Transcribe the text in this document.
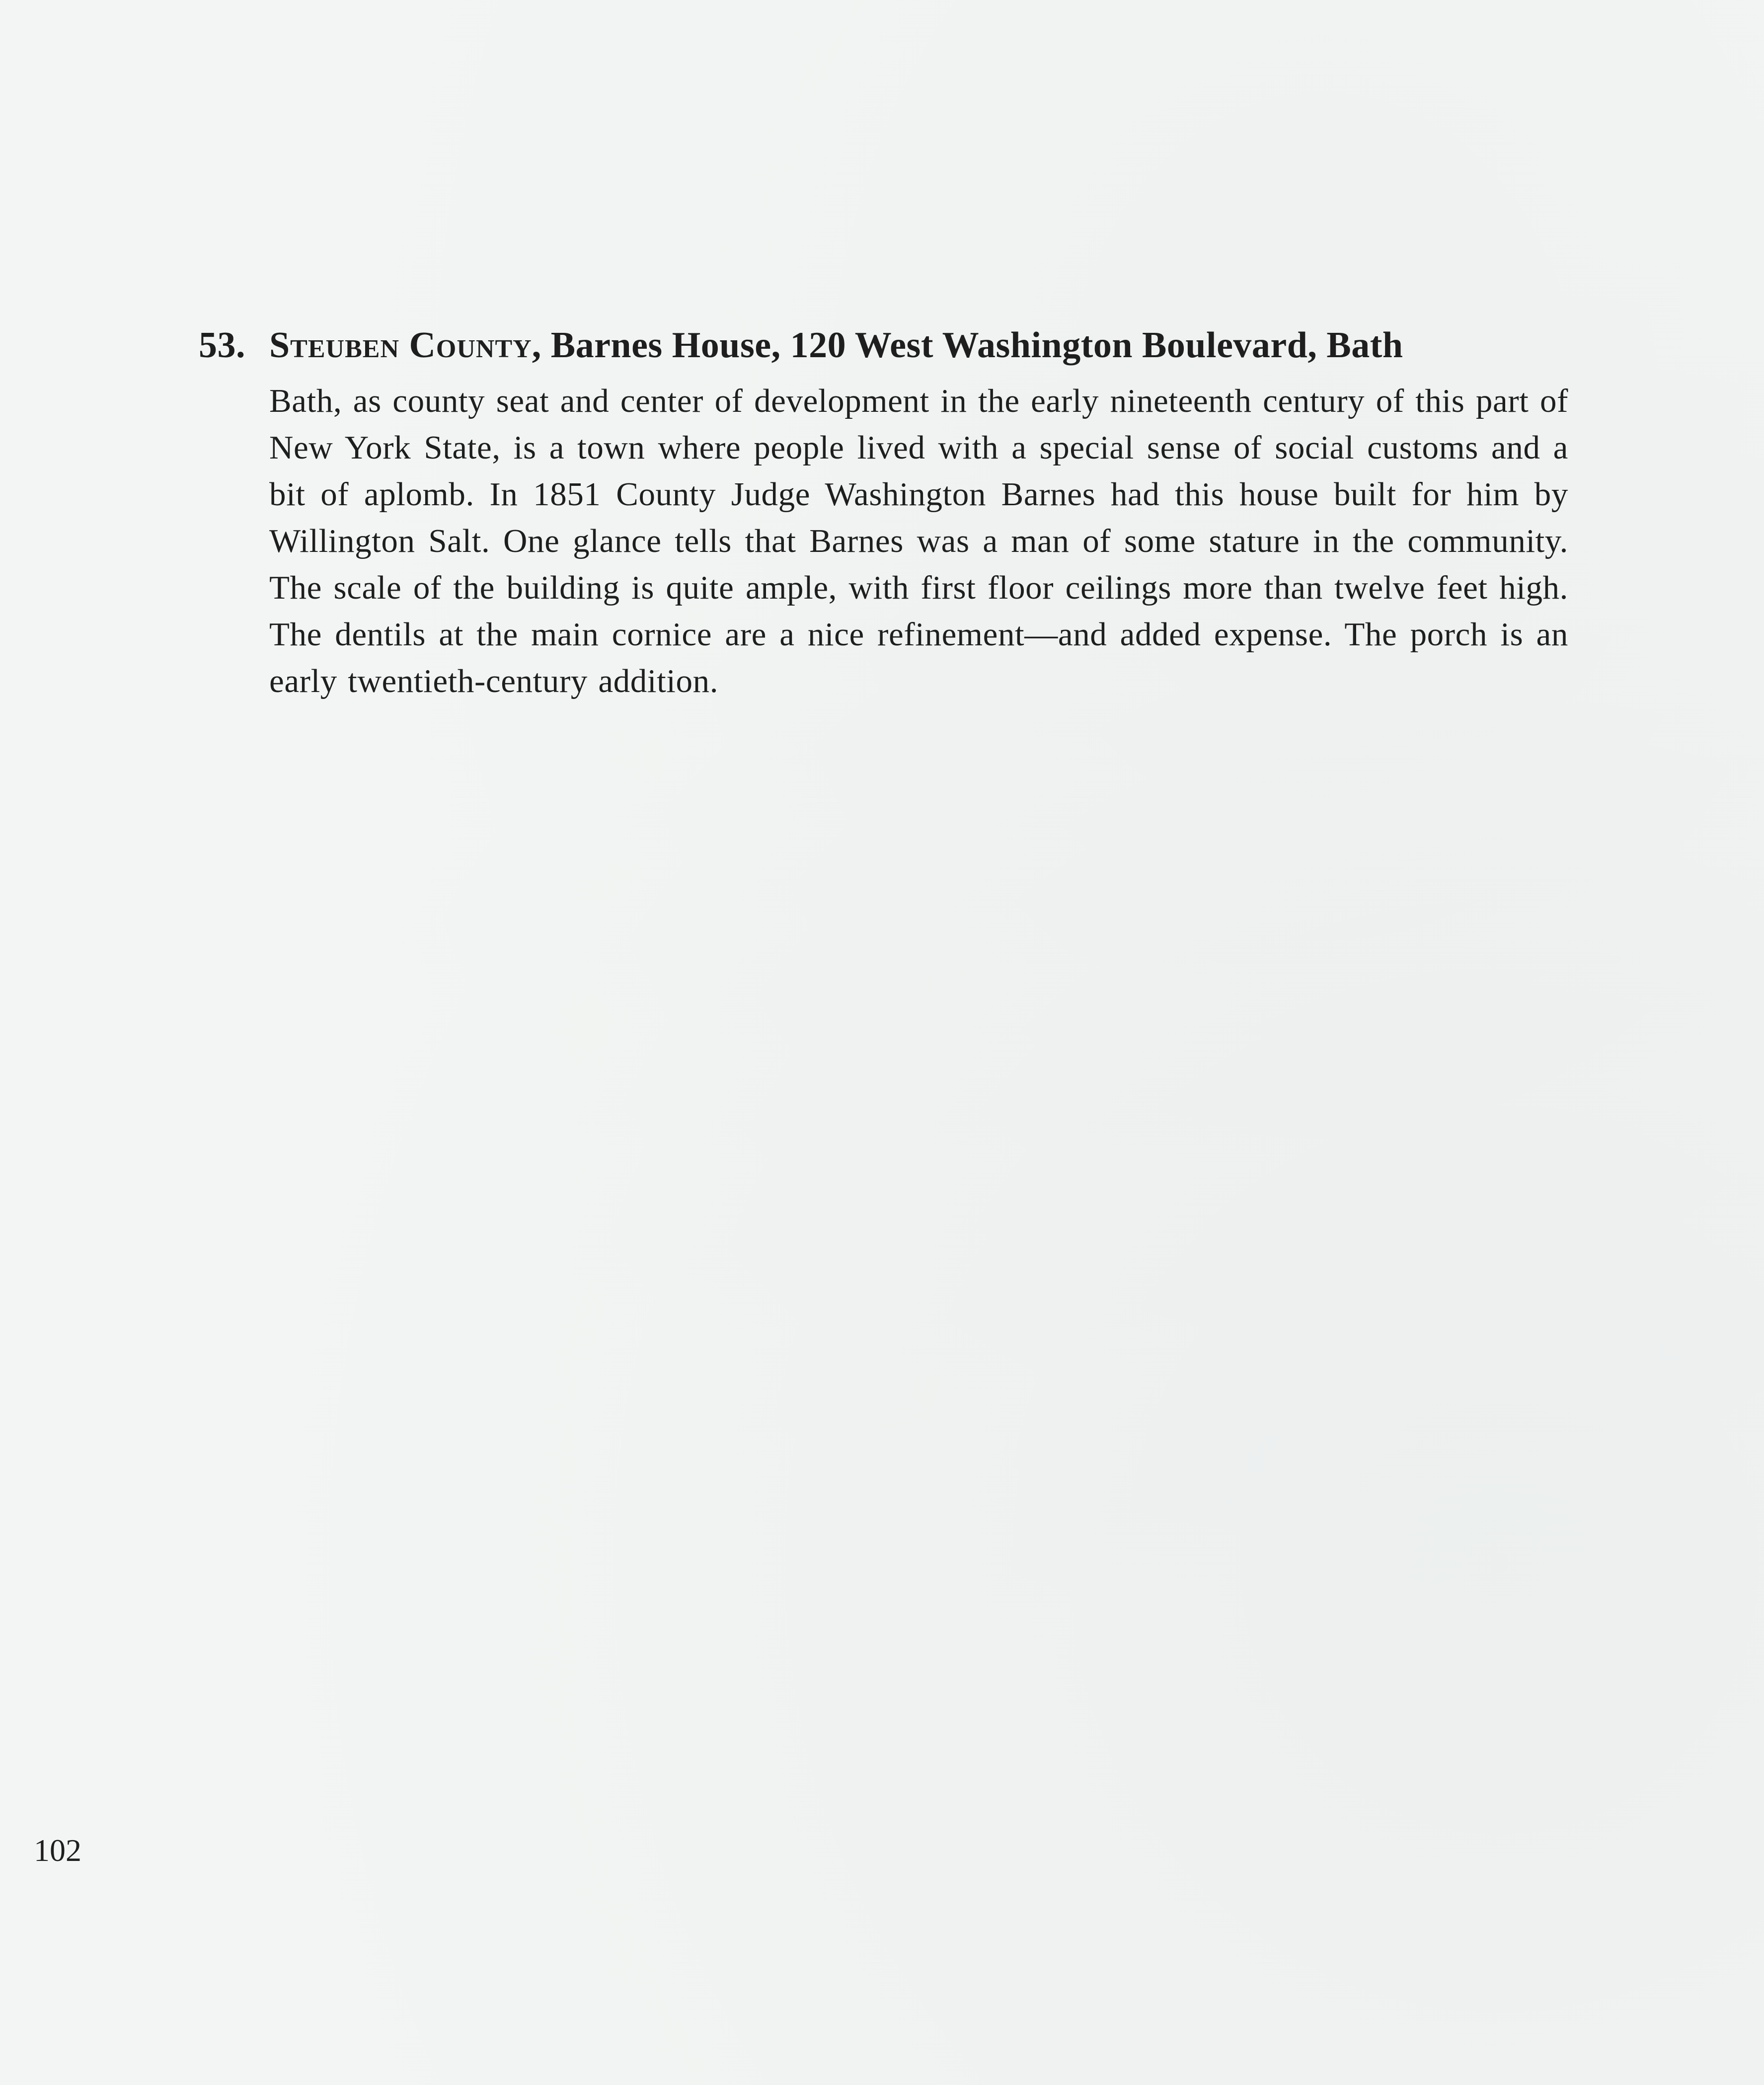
53. Steuben County, Barnes House, 120 West Washington Boulevard, Bath

Bath, as county seat and center of development in the early nineteenth century of this part of New York State, is a town where people lived with a special sense of social customs and a bit of aplomb. In 1851 County Judge Washington Barnes had this house built for him by Willington Salt. One glance tells that Barnes was a man of some stature in the community. The scale of the building is quite ample, with first floor ceilings more than twelve feet high. The dentils at the main cornice are a nice refinement—and added expense. The porch is an early twentieth-century addition.

102
